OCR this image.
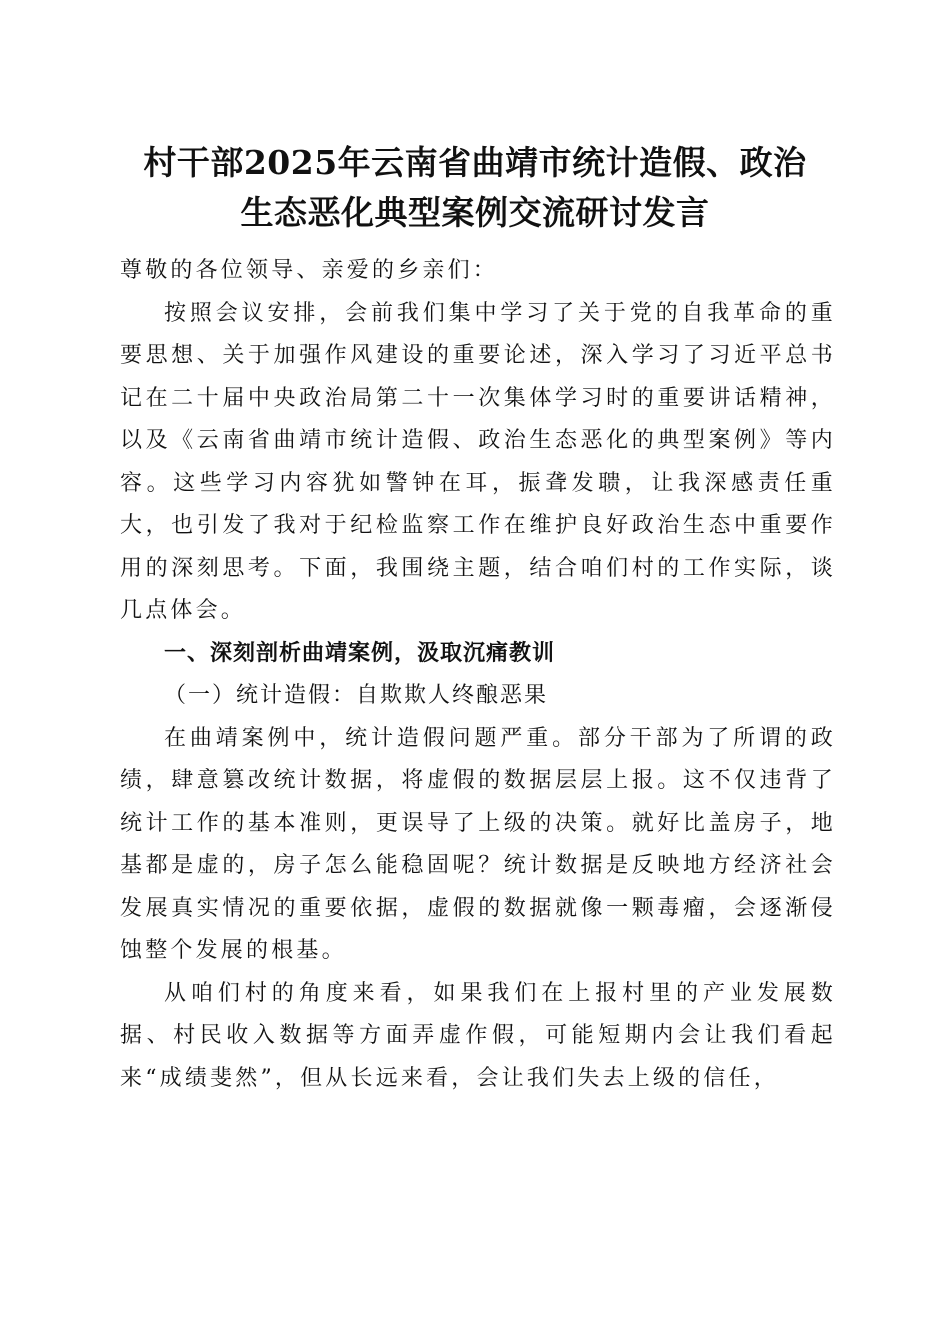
村干部2025年云南省曲靖市统计造假、政治
生态恶化典型案例交流研讨发言

尊敬的各位领导、亲爱的乡亲们：

按照会议安排，会前我们集中学习了关于党的自我革命的重要思想、关于加强作风建设的重要论述，深入学习了习近平总书记在二十届中央政治局第二十一次集体学习时的重要讲话精神，以及《云南省曲靖市统计造假、政治生态恶化的典型案例》等内容。这些学习内容犹如警钟在耳，振聋发聩，让我深感责任重大，也引发了我对于纪检监察工作在维护良好政治生态中重要作用的深刻思考。下面，我围绕主题，结合咱们村的工作实际，谈几点体会。

一、深刻剖析曲靖案例，汲取沉痛教训

（一）统计造假：自欺欺人终酿恶果

在曲靖案例中，统计造假问题严重。部分干部为了所谓的政绩，肆意篡改统计数据，将虚假的数据层层上报。这不仅违背了统计工作的基本准则，更误导了上级的决策。就好比盖房子，地基都是虚的，房子怎么能稳固呢？统计数据是反映地方经济社会发展真实情况的重要依据，虚假的数据就像一颗毒瘤，会逐渐侵蚀整个发展的根基。

从咱们村的角度来看，如果我们在上报村里的产业发展数据、村民收入数据等方面弄虚作假，可能短期内会让我们看起来“成绩斐然”，但从长远来看，会让我们失去上级的信任，
